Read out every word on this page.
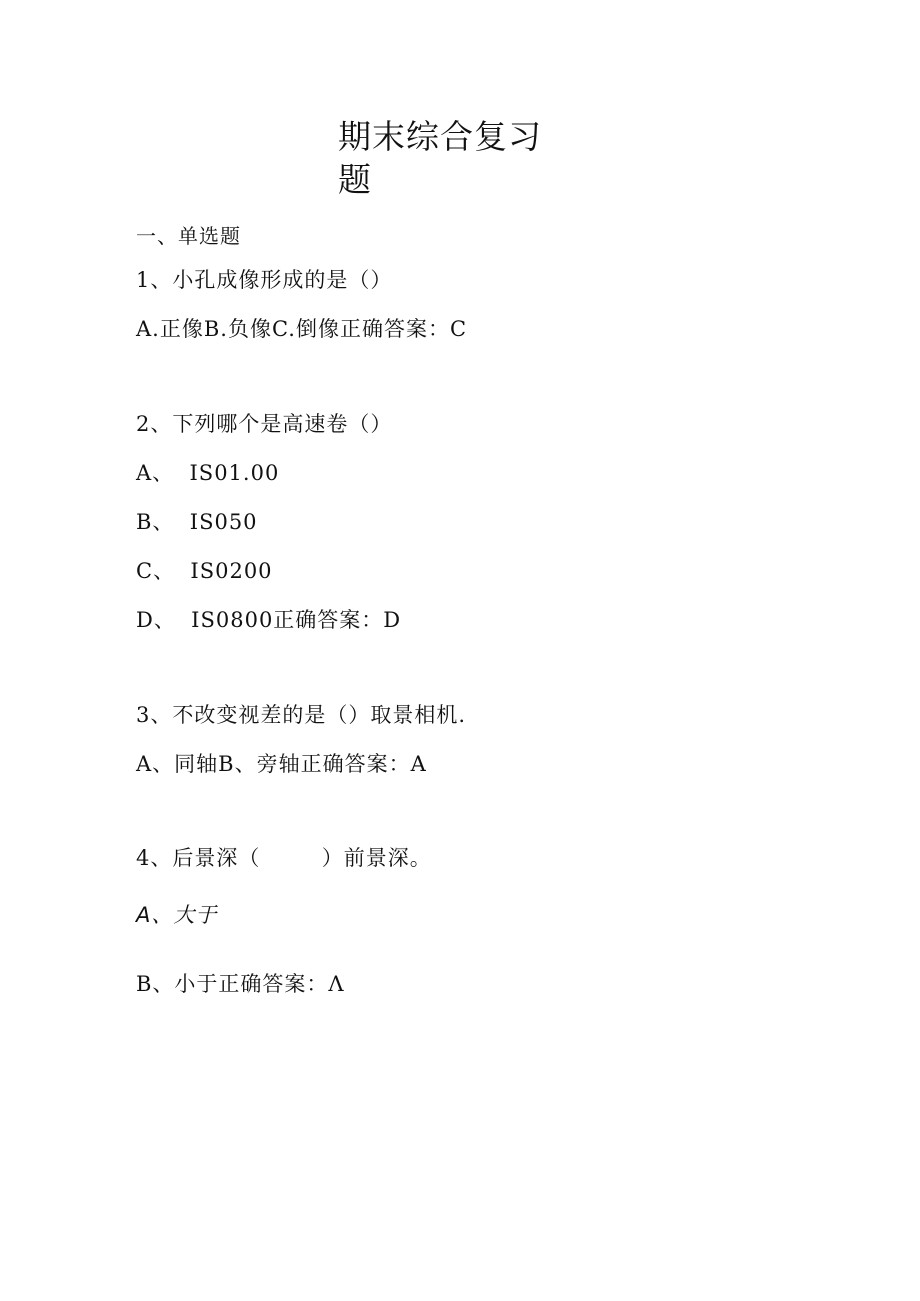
期末综合复习题
一、单选题
1、小孔成像形成的是（）
A.正像B.负像C.倒像正确答案：C
2、下列哪个是高速卷（）
A、  IS01.00
B、  IS050
C、  IS0200
D、  IS0800正确答案：D
3、不改变视差的是（）取景相机.
A、同轴B、旁轴正确答案：A
4、后景深（        ）前景深。
A、大于
B、小于正确答案：Λ
